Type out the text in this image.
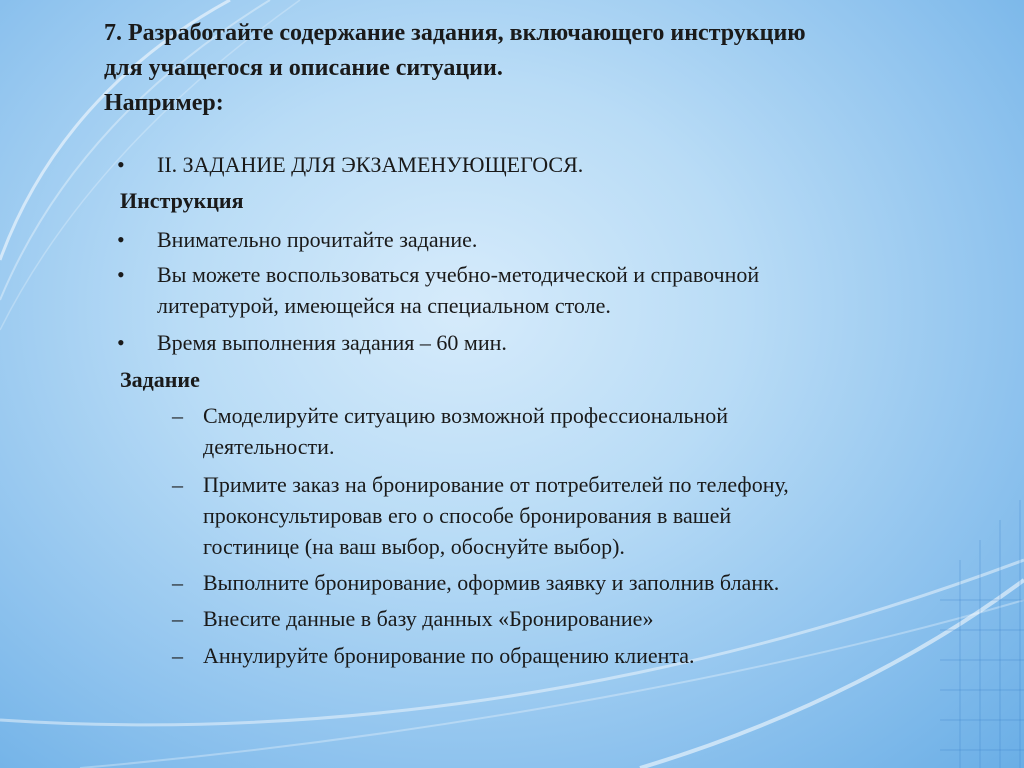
7. Разработайте содержание задания, включающего инструкцию
для учащегося и описание ситуации.
Например:
• II. ЗАДАНИЕ ДЛЯ ЭКЗАМЕНУЮЩЕГОСЯ.
Инструкция
• Внимательно прочитайте задание.
• Вы можете воспользоваться учебно-методической и справочной
литературой, имеющейся на специальном столе.
• Время выполнения задания – 60 мин.
Задание
– Смоделируйте ситуацию возможной профессиональной
деятельности.
– Примите заказ на бронирование от потребителей по телефону,
проконсультировав его о способе бронирования в вашей
гостинице (на ваш выбор, обоснуйте выбор).
– Выполните бронирование, оформив заявку и заполнив бланк.
– Внесите данные в базу данных «Бронирование»
– Аннулируйте бронирование по обращению клиента.
